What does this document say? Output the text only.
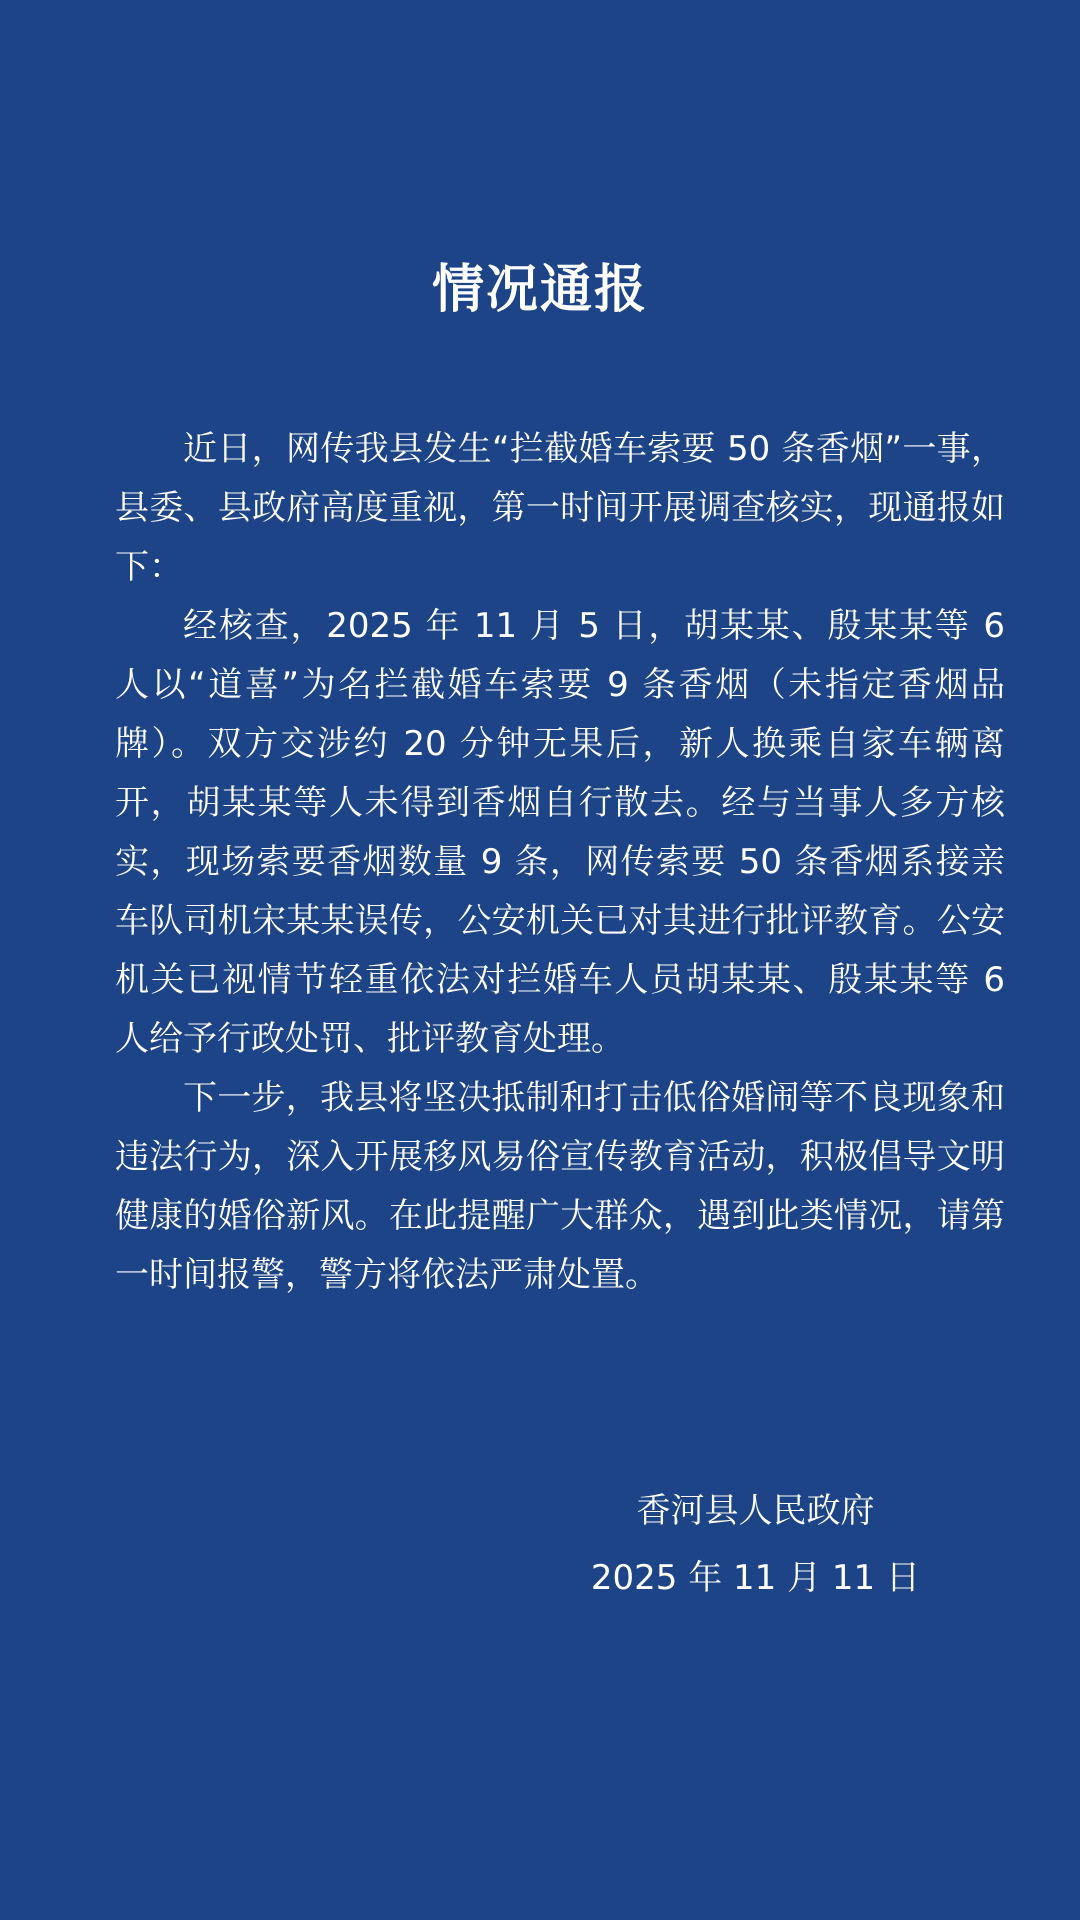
情况通报

近日，网传我县发生“拦截婚车索要 50 条香烟”一事，县委、县政府高度重视，第一时间开展调查核实，现通报如下：

经核查，2025 年 11 月 5 日，胡某某、殷某某等 6 人以“道喜”为名拦截婚车索要 9 条香烟（未指定香烟品牌）。双方交涉约 20 分钟无果后，新人换乘自家车辆离开，胡某某等人未得到香烟自行散去。经与当事人多方核实，现场索要香烟数量 9 条，网传索要 50 条香烟系接亲车队司机宋某某误传，公安机关已对其进行批评教育。公安机关已视情节轻重依法对拦婚车人员胡某某、殷某某等 6 人给予行政处罚、批评教育处理。

下一步，我县将坚决抵制和打击低俗婚闹等不良现象和违法行为，深入开展移风易俗宣传教育活动，积极倡导文明健康的婚俗新风。在此提醒广大群众，遇到此类情况，请第一时间报警，警方将依法严肃处置。

香河县人民政府
2025 年 11 月 11 日
